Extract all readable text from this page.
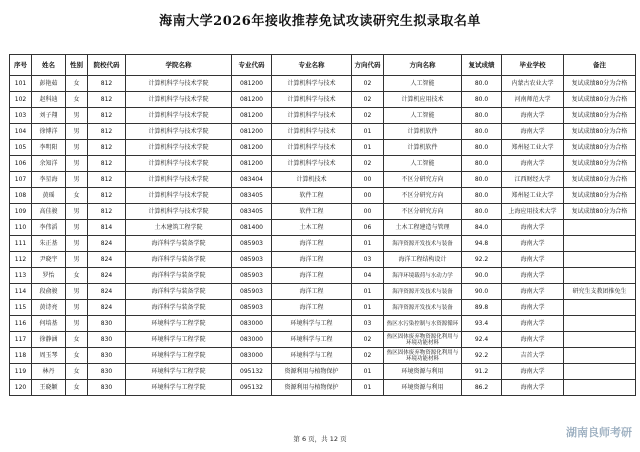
海南大学2026年接收推荐免试攻读研究生拟录取名单
序号	姓名	性别	院校代码	学院名称	专业代码	专业名称	方向代码	方向名称	复试成绩	毕业学校	备注
101	彭艳茹	女	812	计算机科学与技术学院	081200	计算机科学与技术	02	人工智能	80.0	内蒙古农业大学	复试成绩80分为合格
102	赵科迪	女	812	计算机科学与技术学院	081200	计算机科学与技术	02	计算机应用技术	80.0	河南师范大学	复试成绩80分为合格
103	刘子翔	男	812	计算机科学与技术学院	081200	计算机科学与技术	02	人工智能	80.0	海南大学	复试成绩80分为合格
104	徐博洋	男	812	计算机科学与技术学院	081200	计算机科学与技术	01	计算机软件	80.0	海南大学	复试成绩80分为合格
105	李明阳	男	812	计算机科学与技术学院	081200	计算机科学与技术	01	计算机软件	80.0	郑州轻工业大学	复试成绩80分为合格
106	余知洋	男	812	计算机科学与技术学院	081200	计算机科学与技术	02	人工智能	80.0	海南大学	复试成绩80分为合格
107	李星海	男	812	计算机科学与技术学院	083404	计算机技术	00	不区分研究方向	80.0	江西财经大学	复试成绩80分为合格
108	黄瑶	女	812	计算机科学与技术学院	083405	软件工程	00	不区分研究方向	80.0	郑州轻工业大学	复试成绩80分为合格
109	高佳骏	男	812	计算机科学与技术学院	083405	软件工程	00	不区分研究方向	80.0	上海应用技术大学	复试成绩80分为合格
110	李伟滔	男	814	土木建筑工程学院	081400	土木工程	06	土木工程建造与管理	84.0	海南大学	
111	朱正基	男	824	海洋科学与装备学院	085903	海洋工程	01	海洋资源开发技术与装备	94.8	海南大学	
112	尹晓宇	男	824	海洋科学与装备学院	085903	海洋工程	03	海洋工程结构设计	92.2	海南大学	
113	罗怡	女	824	海洋科学与装备学院	085903	海洋工程	04	海洋环境载荷与水动力学	90.0	海南大学	
114	段俞骏	男	824	海洋科学与装备学院	085903	海洋工程	01	海洋资源开发技术与装备	90.0	海南大学	研究生支教团推免生
115	黄诗亮	男	824	海洋科学与装备学院	085903	海洋工程	01	海洋资源开发技术与装备	89.8	海南大学	
116	何培基	男	830	环境科学与工程学院	083000	环境科学与工程	03	热区水污染控制与水资源循环	93.4	海南大学	
117	徐静涵	女	830	环境科学与工程学院	083000	环境科学与工程	02	热区固体废弃物资源化利用与环境功能材料	92.4	海南大学	
118	周玉琴	女	830	环境科学与工程学院	083000	环境科学与工程	02	热区固体废弃物资源化利用与环境功能材料	92.2	吉首大学	
119	林丹	女	830	环境科学与工程学院	095132	资源利用与植物保护	01	环境资源与利用	91.2	海南大学	
120	王晓颖	女	830	环境科学与工程学院	095132	资源利用与植物保护	01	环境资源与利用	86.2	海南大学	
第 6 页，共 12 页	湖南良师考研
